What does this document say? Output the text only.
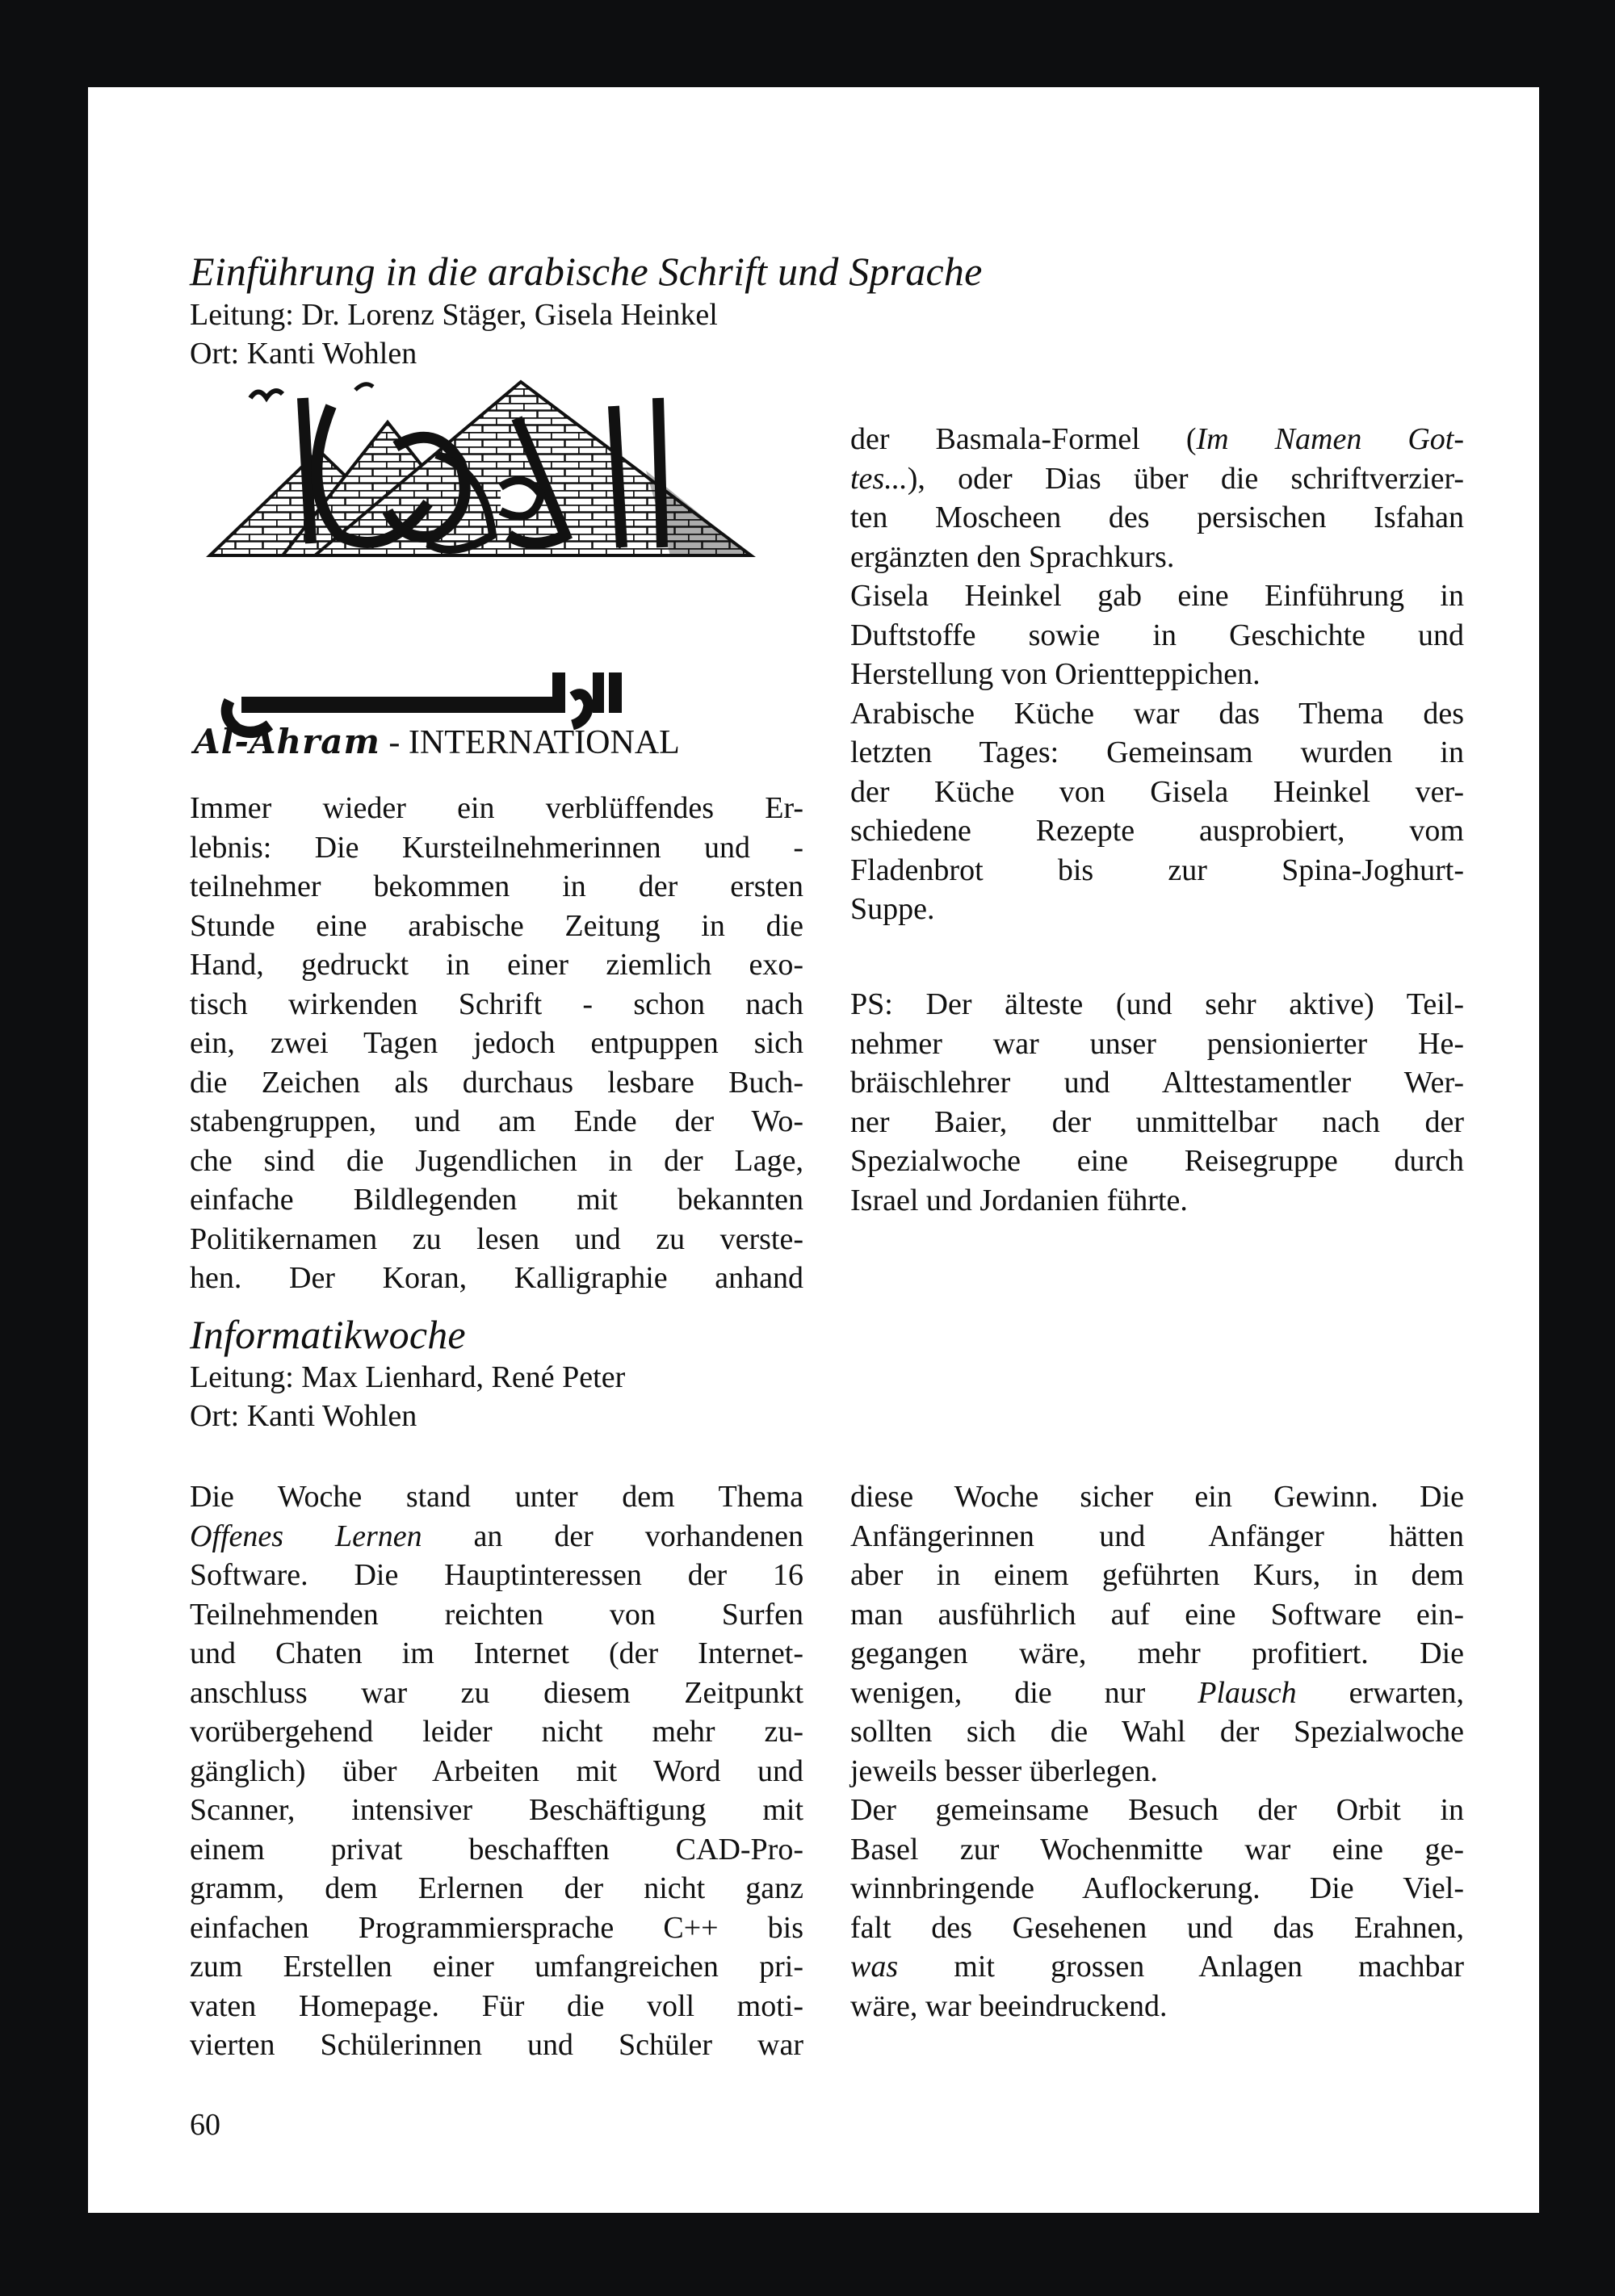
Einführung in die arabische Schrift und Sprache
Leitung: Dr. Lorenz Stäger, Gisela Heinkel
Ort: Kanti Wohlen
Al-Ahram - INTERNATIONAL
Immer wieder ein verblüffendes Er-
lebnis: Die Kursteilnehmerinnen und -
teilnehmer bekommen in der ersten
Stunde eine arabische Zeitung in die
Hand, gedruckt in einer ziemlich exo-
tisch wirkenden Schrift - schon nach
ein, zwei Tagen jedoch entpuppen sich
die Zeichen als durchaus lesbare Buch-
stabengruppen, und am Ende der Wo-
che sind die Jugendlichen in der Lage,
einfache Bildlegenden mit bekannten
Politikernamen zu lesen und zu verste-
hen. Der Koran, Kalligraphie anhand
der Basmala-Formel (Im Namen Got-
tes...), oder Dias über die schriftverzier-
ten Moscheen des persischen Isfahan
ergänzten den Sprachkurs.
Gisela Heinkel gab eine Einführung in
Duftstoffe sowie in Geschichte und
Herstellung von Orientteppichen.
Arabische Küche war das Thema des
letzten Tages: Gemeinsam wurden in
der Küche von Gisela Heinkel ver-
schiedene Rezepte ausprobiert, vom
Fladenbrot bis zur Spina-Joghurt-
Suppe.
PS: Der älteste (und sehr aktive) Teil-
nehmer war unser pensionierter He-
bräischlehrer und Alttestamentler Wer-
ner Baier, der unmittelbar nach der
Spezialwoche eine Reisegruppe durch
Israel und Jordanien führte.
Informatikwoche
Leitung: Max Lienhard, René Peter
Ort: Kanti Wohlen
Die Woche stand unter dem Thema
Offenes Lernen an der vorhandenen
Software. Die Hauptinteressen der 16
Teilnehmenden reichten von Surfen
und Chaten im Internet (der Internet-
anschluss war zu diesem Zeitpunkt
vorübergehend leider nicht mehr zu-
gänglich) über Arbeiten mit Word und
Scanner, intensiver Beschäftigung mit
einem privat beschafften CAD-Pro-
gramm, dem Erlernen der nicht ganz
einfachen Programmiersprache C++ bis
zum Erstellen einer umfangreichen pri-
vaten Homepage. Für die voll moti-
vierten Schülerinnen und Schüler war
diese Woche sicher ein Gewinn. Die
Anfängerinnen und Anfänger hätten
aber in einem geführten Kurs, in dem
man ausführlich auf eine Software ein-
gegangen wäre, mehr profitiert. Die
wenigen, die nur Plausch erwarten,
sollten sich die Wahl der Spezialwoche
jeweils besser überlegen.
Der gemeinsame Besuch der Orbit in
Basel zur Wochenmitte war eine ge-
winnbringende Auflockerung. Die Viel-
falt des Gesehenen und das Erahnen,
was mit grossen Anlagen machbar
wäre, war beeindruckend.
60
